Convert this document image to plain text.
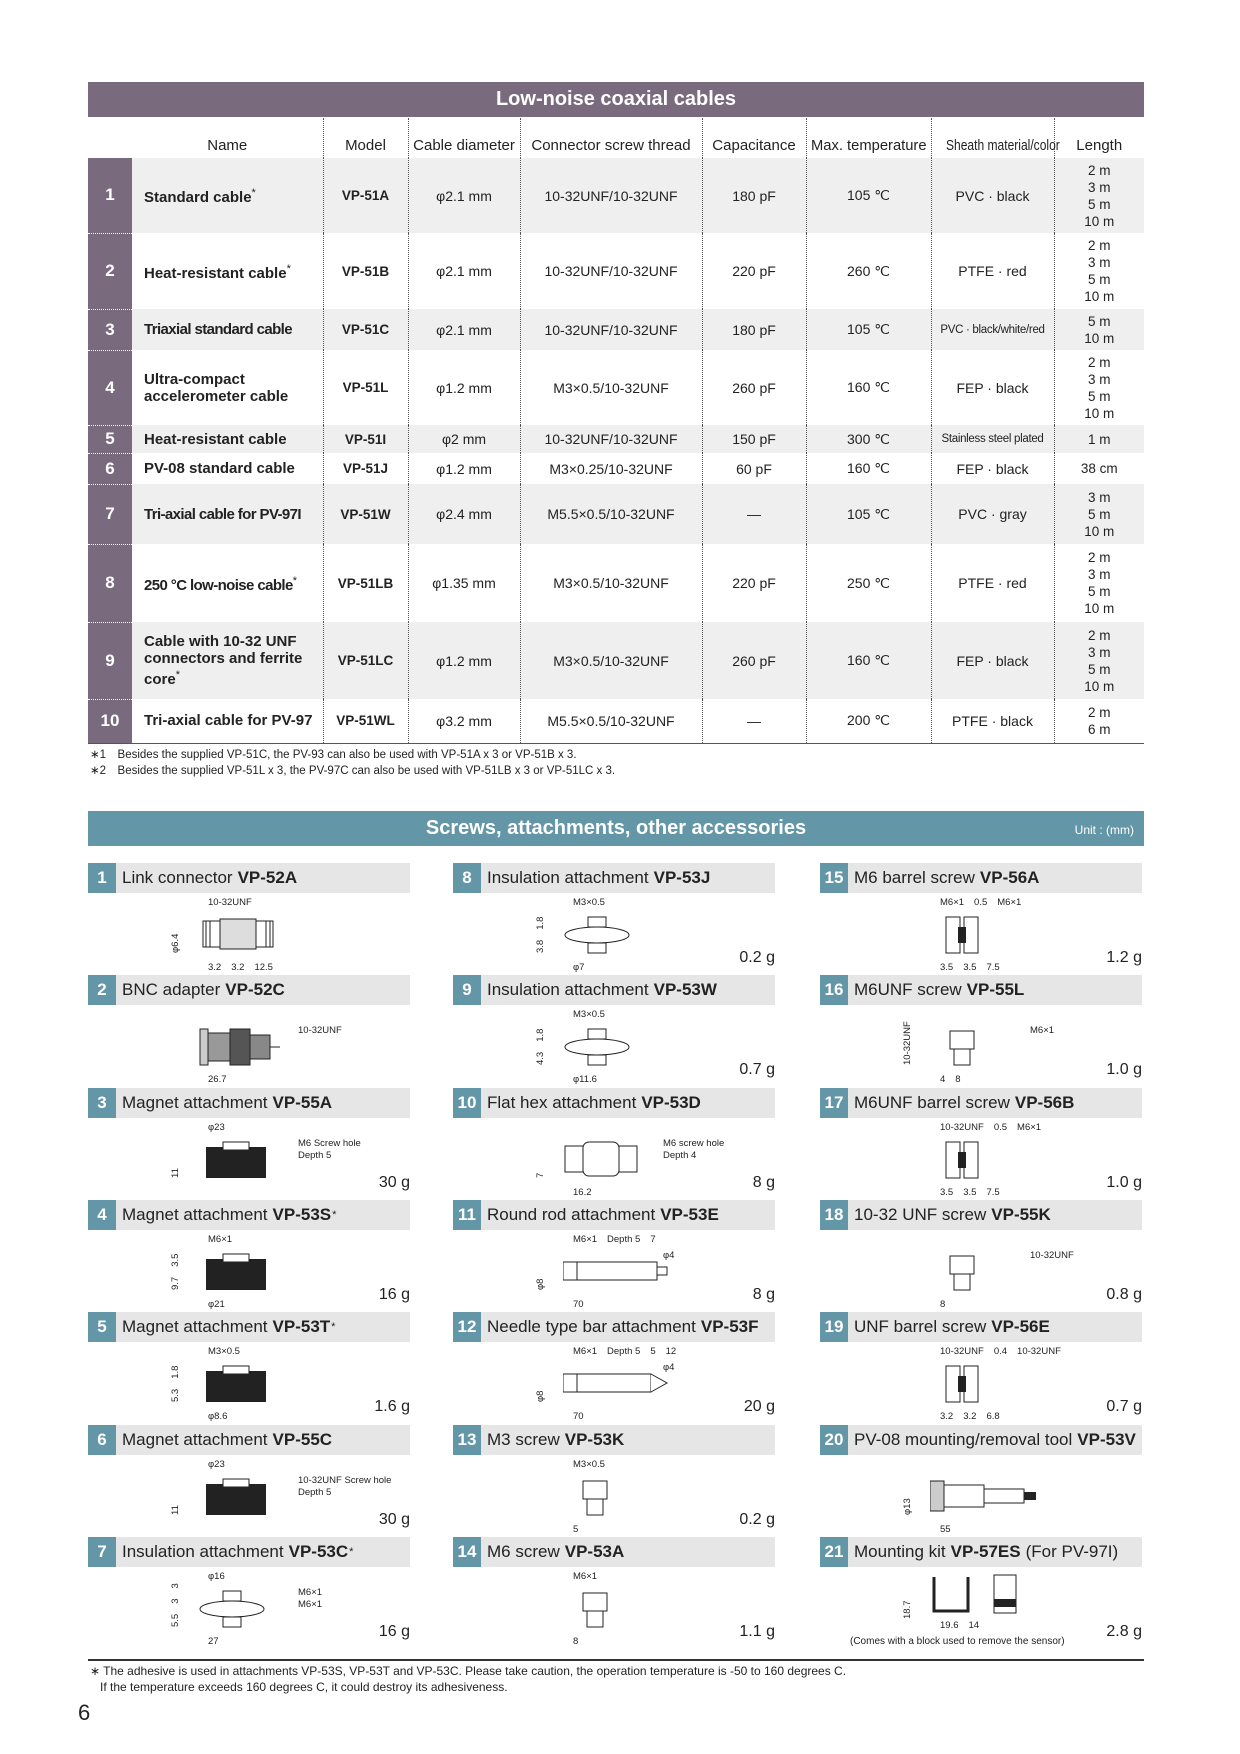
Low-noise coaxial cables
	Name	Model	Cable diameter	Connector screw thread	Capacitance	Max. temperature	Sheath material/color	Length
1	Standard cable*	VP-51A	φ2.1 mm	10-32UNF/10-32UNF	180 pF	105 ℃	PVC · black	2 m
3 m
5 m
10 m

2	Heat-resistant cable*	VP-51B	φ2.1 mm	10-32UNF/10-32UNF	220 pF	260 ℃	PTFE · red	2 m
3 m
5 m
10 m

3	Triaxial standard cable	VP-51C	φ2.1 mm	10-32UNF/10-32UNF	180 pF	105 ℃	PVC · black/white/red	5 m
10 m

4	Ultra-compact accelerometer cable	VP-51L	φ1.2 mm	M3×0.5/10-32UNF	260 pF	160 ℃	FEP · black	2 m
3 m
5 m
10 m

5	Heat-resistant cable	VP-51I	φ2 mm	10-32UNF/10-32UNF	150 pF	300 ℃	Stainless steel plated	1 m

6	PV-08 standard cable	VP-51J	φ1.2 mm	M3×0.25/10-32UNF	60 pF	160 ℃	FEP · black	38 cm

7	Tri-axial cable for PV-97I	VP-51W	φ2.4 mm	M5.5×0.5/10-32UNF	—	105 ℃	PVC · gray	3 m
5 m
10 m

8	250 °C low-noise cable*	VP-51LB	φ1.35 mm	M3×0.5/10-32UNF	220 pF	250 ℃	PTFE · red	2 m
3 m
5 m
10 m

9	Cable with 10-32 UNF connectors and ferrite core*	VP-51LC	φ1.2 mm	M3×0.5/10-32UNF	260 pF	160 ℃	FEP · black	2 m
3 m
5 m
10 m

10	Tri-axial cable for PV-97	VP-51WL	φ3.2 mm	M5.5×0.5/10-32UNF	—	200 ℃	PTFE · black	2 m
6 m
∗1　Besides the supplied VP-51C, the PV-93 can also be used with VP-51A x 3 or VP-51B x 3.
∗2　Besides the supplied VP-51L x 3, the PV-97C can also be used with VP-51LB x 3 or VP-51LC x 3.
Screws, attachments, other accessories	Unit : (mm)
1 Link connector VP-52A
10-32UNF
φ6.4
3.2 3.2 12.5
2 BNC adapter VP-52C
10-32UNF
26.7
3 Magnet attachment VP-55A
φ23
M6 Screw hole
Depth 5
11
30 g
4 Magnet attachment VP-53S *
M6×1
9.7
3.5
φ21
16 g
5 Magnet attachment VP-53T *
M3×0.5
5.3
1.8
φ8.6
1.6 g
6 Magnet attachment VP-55C
φ23
10-32UNF Screw hole
Depth 5
11
30 g
7 Insulation attachment VP-53C *
φ16
M6×1
M6×1
5.5
3
3
27
16 g
8 Insulation attachment VP-53J
M3×0.5
3.8
1.8
φ7
0.2 g
9 Insulation attachment VP-53W
M3×0.5
4.3
1.8
φ11.6
0.7 g
10 Flat hex attachment VP-53D
M6 screw hole
Depth 4
7
16.2
8 g
11 Round rod attachment VP-53E
M6×1 Depth 5 7
φ8
φ4
70
8 g
12 Needle type bar attachment VP-53F
M6×1 Depth 5 5 12
φ8
φ4
70
20 g
13 M3 screw VP-53K
M3×0.5
5
0.2 g
14 M6 screw VP-53A
M6×1
8
1.1 g
15 M6 barrel screw VP-56A
M6×1 0.5 M6×1
3.5 3.5 7.5
1.2 g
16 M6UNF screw VP-55L
10-32UNF	M6×1
4 8
1.0 g
17 M6UNF barrel screw VP-56B
10-32UNF 0.5 M6×1
3.5 3.5 7.5
1.0 g
18 10-32 UNF screw VP-55K
10-32UNF
8
0.8 g
19 UNF barrel screw VP-56E
10-32UNF 0.4 10-32UNF
3.2 3.2 6.8
0.7 g
20 PV-08 mounting/removal tool VP-53V
φ13
55
21 Mounting kit VP-57ES (For PV-97I)
18.7
19.6 14
(Comes with a block used to remove the sensor)
2.8 g
∗ The adhesive is used in attachments VP-53S, VP-53T and VP-53C. Please take caution, the operation temperature is -50 to 160 degrees C.
If the temperature exceeds 160 degrees C, it could destroy its adhesiveness.
6
